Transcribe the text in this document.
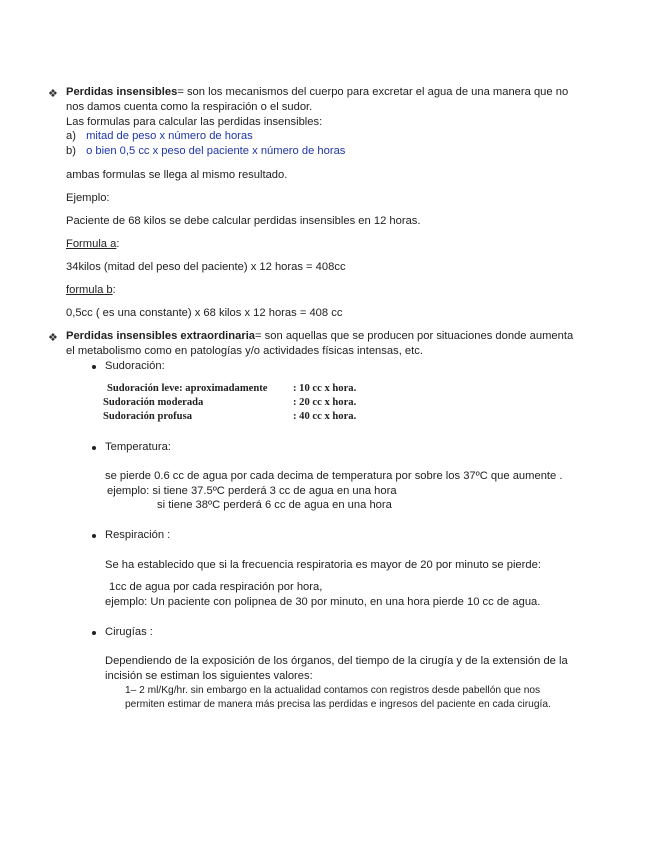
❖ Perdidas insensibles= son los mecanismos del cuerpo para excretar el agua de una manera que no
nos damos cuenta como la respiración o el sudor.
Las formulas para calcular las perdidas insensibles:
a) mitad de peso x número de horas
b) o bien 0,5 cc x peso del paciente x número de horas
ambas formulas se llega al mismo resultado.
Ejemplo:
Paciente de 68 kilos se debe calcular perdidas insensibles en 12 horas.
Formula a:
34kilos (mitad del peso del paciente) x 12 horas = 408cc
formula b:
0,5cc ( es una constante) x 68 kilos x 12 horas = 408 cc
❖ Perdidas insensibles extraordinaria= son aquellas que se producen por situaciones donde aumenta
el metabolismo como en patologías y/o actividades físicas intensas, etc.
Sudoración:
Sudoración leve: aproximadamente : 10 cc x hora.
Sudoración moderada	: 20 cc x hora.
Sudoración profusa	: 40 cc x hora.
Temperatura:
se pierde 0.6 cc de agua por cada decima de temperatura por sobre los 37ºC que aumente .
ejemplo: si tiene 37.5ºC perderá 3 cc de agua en una hora
si tiene 38ºC perderá 6 cc de agua en una hora
Respiración :
Se ha establecido que si la frecuencia respiratoria es mayor de 20 por minuto se pierde:
1cc de agua por cada respiración por hora,
ejemplo: Un paciente con polipnea de 30 por minuto, en una hora pierde 10 cc de agua.
Cirugías :
Dependiendo de la exposición de los órganos, del tiempo de la cirugía y de la extensión de la
incisión se estiman los siguientes valores:
1– 2 ml/Kg/hr. sin embargo en la actualidad contamos con registros desde pabellón que nos
permiten estimar de manera más precisa las perdidas e ingresos del paciente en cada cirugía.
